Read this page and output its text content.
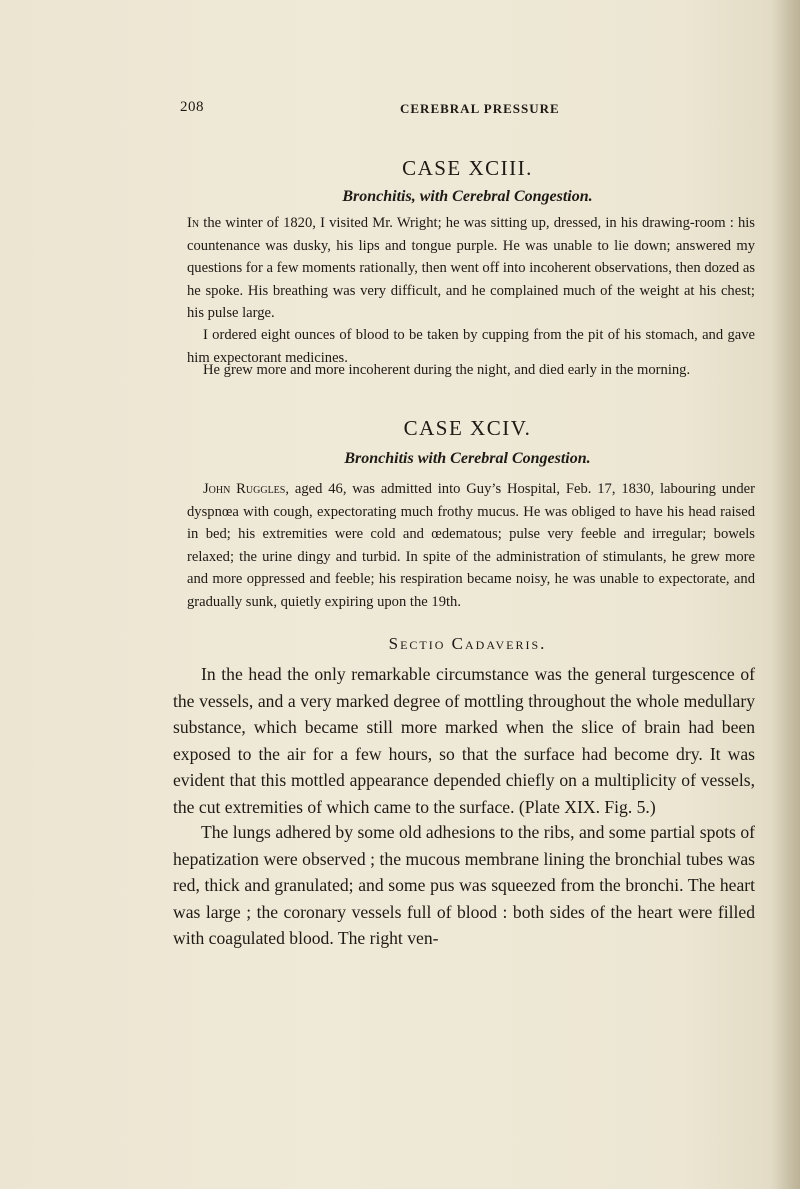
208	CEREBRAL PRESSURE
CASE XCIII.
Bronchitis, with Cerebral Congestion.

In the winter of 1820, I visited Mr. Wright; he was sitting up, dressed, in his drawing-room : his countenance was dusky, his lips and tongue purple. He was unable to lie down; answered my questions for a few moments rationally, then went off into incoherent observations, then dozed as he spoke. His breathing was very difficult, and he complained much of the weight at his chest; his pulse large.

I ordered eight ounces of blood to be taken by cupping from the pit of his stomach, and gave him expectorant medicines.

He grew more and more incoherent during the night, and died early in the morning.

CASE XCIV.
Bronchitis with Cerebral Congestion.

John Ruggles, aged 46, was admitted into Guy’s Hospital, Feb. 17, 1830, labouring under dyspnœa with cough, expectorating much frothy mucus. He was obliged to have his head raised in bed; his extremities were cold and œdematous; pulse very feeble and irregular; bowels relaxed; the urine dingy and turbid. In spite of the administration of stimulants, he grew more and more oppressed and feeble; his respiration became noisy, he was unable to expectorate, and gradually sunk, quietly expiring upon the 19th.

Sectio Cadaveris.

In the head the only remarkable circumstance was the general turgescence of the vessels, and a very marked degree of mottling throughout the whole medullary substance, which became still more marked when the slice of brain had been exposed to the air for a few hours, so that the surface had become dry. It was evident that this mottled appearance depended chiefly on a multiplicity of vessels, the cut extremities of which came to the surface. (Plate XIX. Fig. 5.)

The lungs adhered by some old adhesions to the ribs, and some partial spots of hepatization were observed ; the mucous membrane lining the bronchial tubes was red, thick and granulated; and some pus was squeezed from the bronchi. The heart was large ; the coronary vessels full of blood : both sides of the heart were filled with coagulated blood. The right ven-
